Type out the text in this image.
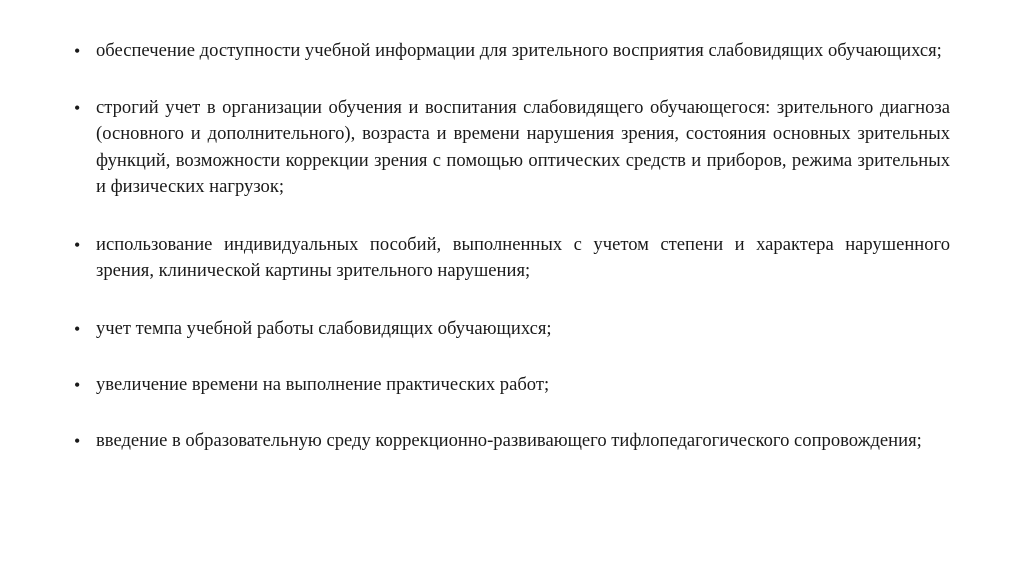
• обеспечение доступности учебной информации для зрительного восприятия слабовидящих обучающихся;
• строгий учет в организации обучения и воспитания слабовидящего обучающегося: зрительного диагноза (основного и дополнительного), возраста и времени нарушения зрения, состояния основных зрительных функций, возможности коррекции зрения с помощью оптических средств и приборов, режима зрительных и физических нагрузок;
• использование индивидуальных пособий, выполненных с учетом степени и характера нарушенного зрения, клинической картины зрительного нарушения;
• учет темпа учебной работы слабовидящих обучающихся;
• увеличение времени на выполнение практических работ;
• введение в образовательную среду коррекционно-развивающего тифлопедагогического сопровождения;
